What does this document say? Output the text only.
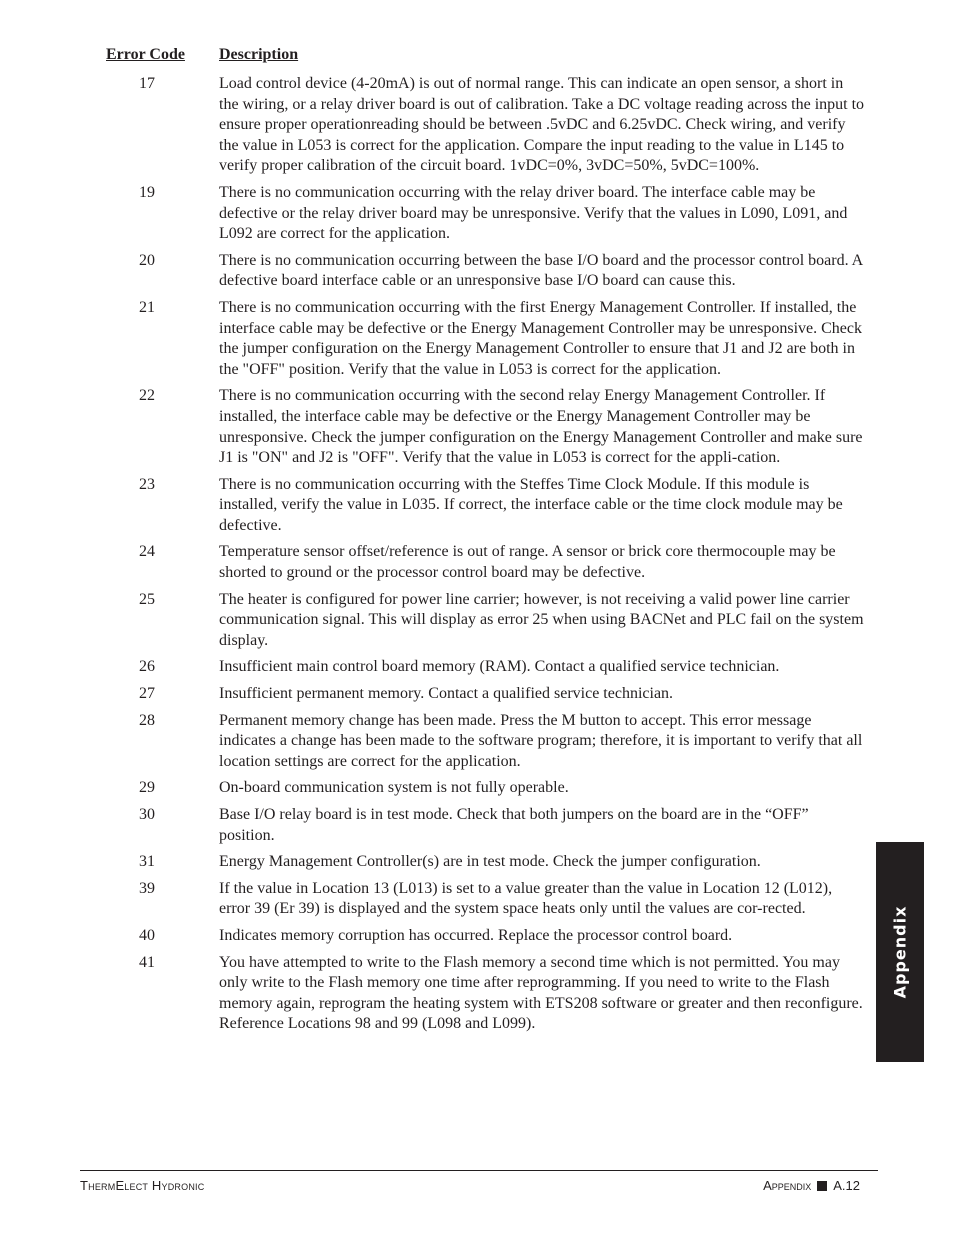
Error Code Description
17	Load control device (4-20mA) is out of normal range. This can indicate an open sensor, a short in the wiring, or a relay driver board is out of calibration. Take a DC voltage reading across the input to ensure proper operationreading should be between .5vDC and 6.25vDC. Check wiring, and verify the value in L053 is correct for the application. Compare the input reading to the value in L145 to verify proper calibration of the circuit board. 1vDC=0%, 3vDC=50%, 5vDC=100%.
19	There is no communication occurring with the relay driver board. The interface cable may be defective or the relay driver board may be unresponsive. Verify that the values in L090, L091, and L092 are correct for the application.
20	There is no communication occurring between the base I/O board and the processor control board. A defective board interface cable or an unresponsive base I/O board can cause this.
21	There is no communication occurring with the first Energy Management Controller. If installed, the interface cable may be defective or the Energy Management Controller may be unresponsive. Check the jumper configuration on the Energy Management Controller to ensure that J1 and J2 are both in the "OFF" position. Verify that the value in L053 is correct for the application.
22	There is no communication occurring with the second relay Energy Management Controller. If installed, the interface cable may be defective or the Energy Management Controller may be unresponsive. Check the jumper configuration on the Energy Management Controller and make sure J1 is "ON" and J2 is "OFF". Verify that the value in L053 is correct for the appli-cation.
23	There is no communication occurring with the Steffes Time Clock Module. If this module is installed, verify the value in L035. If correct, the interface cable or the time clock module may be defective.
24	Temperature sensor offset/reference is out of range. A sensor or brick core thermocouple may be shorted to ground or the processor control board may be defective.
25	The heater is configured for power line carrier; however, is not receiving a valid power line carrier communication signal. This will display as error 25 when using BACNet and PLC fail on the system display.
26	Insufficient main control board memory (RAM). Contact a qualified service technician.
27	Insufficient permanent memory. Contact a qualified service technician.
28	Permanent memory change has been made. Press the M button to accept. This error message indicates a change has been made to the software program; therefore, it is important to verify that all location settings are correct for the application.
29	On-board communication system is not fully operable.
30	Base I/O relay board is in test mode. Check that both jumpers on the board are in the “OFF” position.
31	Energy Management Controller(s) are in test mode. Check the jumper configuration.
39	If the value in Location 13 (L013) is set to a value greater than the value in Location 12 (L012), error 39 (Er 39) is displayed and the system space heats only until the values are cor-rected.
40	Indicates memory corruption has occurred. Replace the processor control board.
41	You have attempted to write to the Flash memory a second time which is not permitted. You may only write to the Flash memory one time after reprogramming. If you need to write to the Flash memory again, reprogram the heating system with ETS208 software or greater and then reconfigure. Reference Locations 98 and 99 (L098 and L099).
Appendix
ThermElect Hydronic	Appendix A.12
